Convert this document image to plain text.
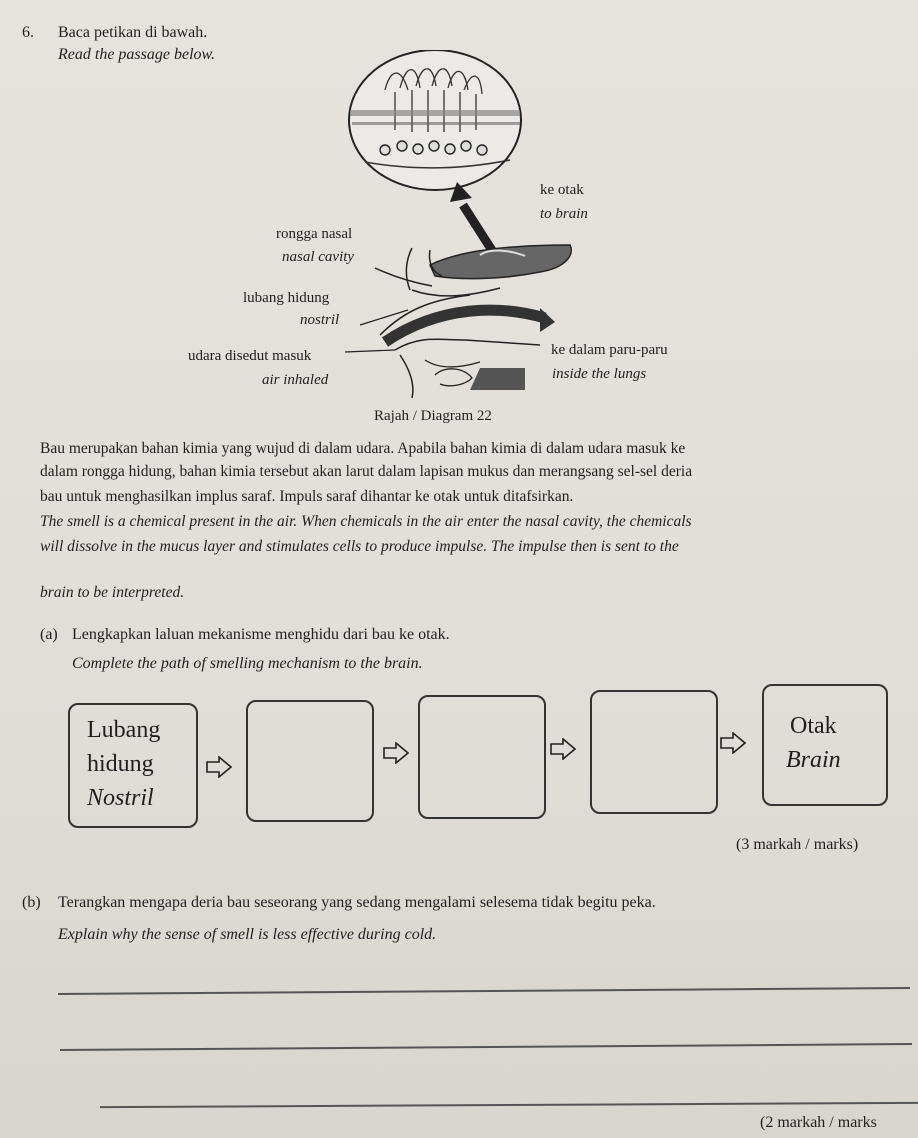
6. Baca petikan di bawah.
Read the passage below.
ke otak
to brain
rongga nasal
nasal cavity
lubang hidung
nostril
udara disedut masuk
air inhaled
ke dalam paru-paru
inside the lungs
Rajah / Diagram 22
Bau merupakan bahan kimia yang wujud di dalam udara. Apabila bahan kimia di dalam udara masuk ke
dalam rongga hidung, bahan kimia tersebut akan larut dalam lapisan mukus dan merangsang sel-sel deria
bau untuk menghasilkan implus saraf. Impuls saraf dihantar ke otak untuk ditafsirkan.
The smell is a chemical present in the air. When chemicals in the air enter the nasal cavity, the chemicals
will dissolve in the mucus layer and stimulates cells to produce impulse. The impulse then is sent to the
brain to be interpreted.
(a) Lengkapkan laluan mekanisme menghidu dari bau ke otak.
Complete the path of smelling mechanism to the brain.
Lubang
hidung
Nostril
Otak
Brain
(3 markah / marks)
(b) Terangkan mengapa deria bau seseorang yang sedang mengalami selesema tidak begitu peka.
Explain why the sense of smell is less effective during cold.
(2 markah / marks
